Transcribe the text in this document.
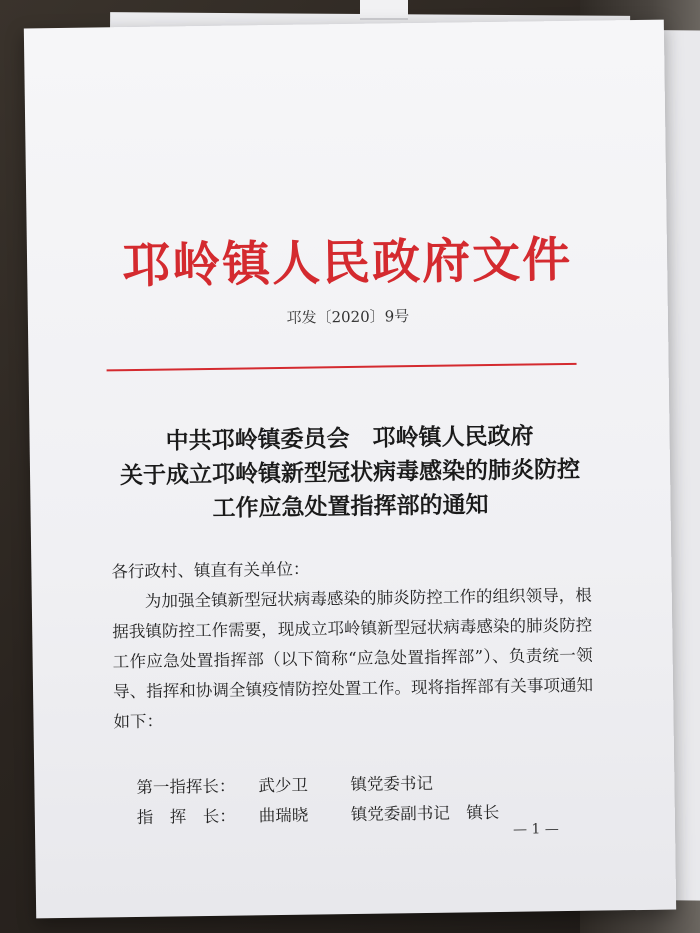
邛岭镇人民政府文件
邛发〔2020〕9号
中共邛岭镇委员会　邛岭镇人民政府
关于成立邛岭镇新型冠状病毒感染的肺炎防控
工作应急处置指挥部的通知

各行政村、镇直有关单位：

为加强全镇新型冠状病毒感染的肺炎防控工作的组织领导，根据我镇防控工作需要，现成立邛岭镇新型冠状病毒感染的肺炎防控工作应急处置指挥部（以下简称“应急处置指挥部”）、负责统一领导、指挥和协调全镇疫情防控处置工作。现将指挥部有关事项通知如下：

第一指挥长：	武少卫	镇党委书记
指　挥　长：	曲瑞晓	镇党委副书记　镇长
— 1 —
